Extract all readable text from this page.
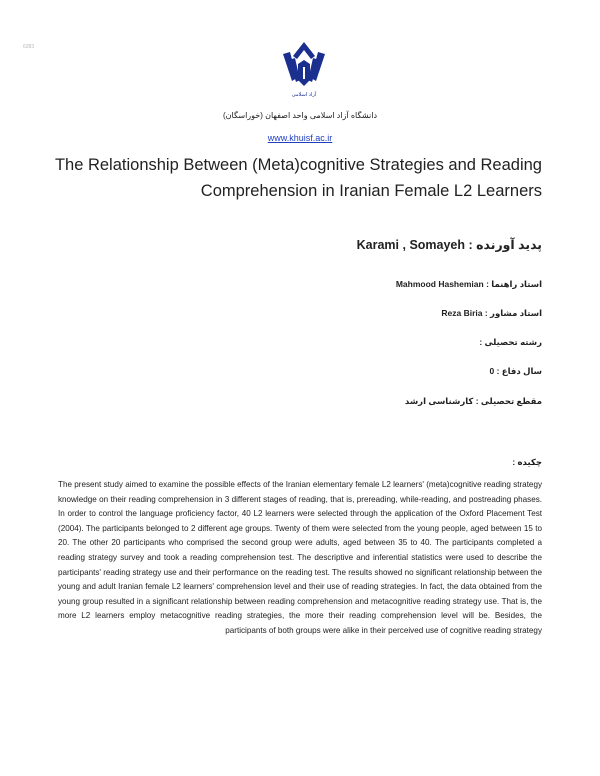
6283
آزاد اسلامی
دانشگاه آزاد اسلامی واحد اصفهان (خوراسگان)
www.khuisf.ac.ir
The Relationship Between (Meta)cognitive Strategies and Reading Comprehension in Iranian Female L2 Learners
پدید آورنده : Karami , Somayeh
استاد راهنما : Mahmood Hashemian
استاد مشاور : Reza Biria
رشته تحصیلی :
سال دفاع : 0
مقطع تحصیلی : کارشناسی ارشد
چکیده :
The present study aimed to examine the possible effects of the Iranian elementary female L2 learners' (meta)cognitive reading strategy knowledge on their reading comprehension in 3 different stages of reading, that is, prereading, while-reading, and postreading phases. In order to control the language proficiency factor, 40 L2 learners were selected through the application of the Oxford Placement Test (2004). The participants belonged to 2 different age groups. Twenty of them were selected from the young people, aged between 15 to 20. The other 20 participants who comprised the second group were adults, aged between 35 to 40. The participants completed a reading strategy survey and took a reading comprehension test. The descriptive and inferential statistics were used to describe the participants' reading strategy use and their performance on the reading test. The results showed no significant relationship between the young and adult Iranian female L2 learners' comprehension level and their use of reading strategies. In fact, the data obtained from the young group resulted in a significant relationship between reading comprehension and metacognitive reading strategy use. That is, the more L2 learners employ metacognitive reading strategies, the more their reading comprehension level will be. Besides, the participants of both groups were alike in their perceived use of cognitive reading strategy
